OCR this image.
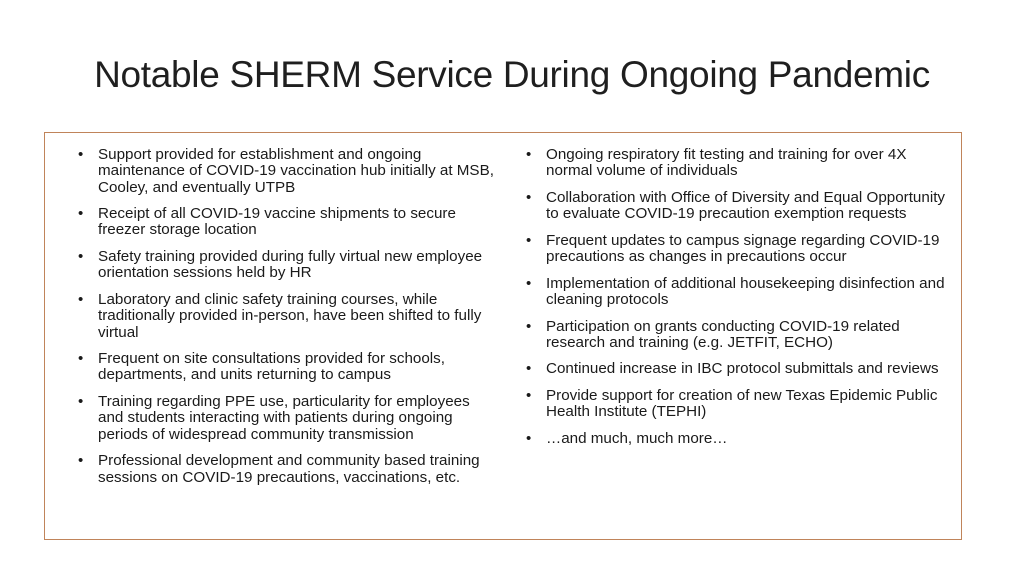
Notable SHERM Service During Ongoing Pandemic
• Support provided for establishment and ongoing maintenance of COVID-19 vaccination hub initially at MSB, Cooley, and eventually UTPB
• Receipt of all COVID-19 vaccine shipments to secure freezer storage location
• Safety training provided during fully virtual new employee orientation sessions held by HR
• Laboratory and clinic safety training courses, while traditionally provided in-person, have been shifted to fully virtual
• Frequent on site consultations provided for schools, departments, and units returning to campus
• Training regarding PPE use, particularity for employees and students interacting with patients during ongoing periods of widespread community transmission
• Professional development and community based training sessions on COVID-19 precautions, vaccinations, etc.
• Ongoing respiratory fit testing and training for over 4X normal volume of individuals
• Collaboration with Office of Diversity and Equal Opportunity to evaluate COVID-19 precaution exemption requests
• Frequent updates to campus signage regarding COVID-19 precautions as changes in precautions occur
• Implementation of additional housekeeping disinfection and cleaning protocols
• Participation on grants conducting COVID-19 related research and training (e.g. JETFIT, ECHO)
• Continued increase in IBC protocol submittals and reviews
• Provide support for creation of new Texas Epidemic Public Health Institute (TEPHI)
• …and much, much more…
